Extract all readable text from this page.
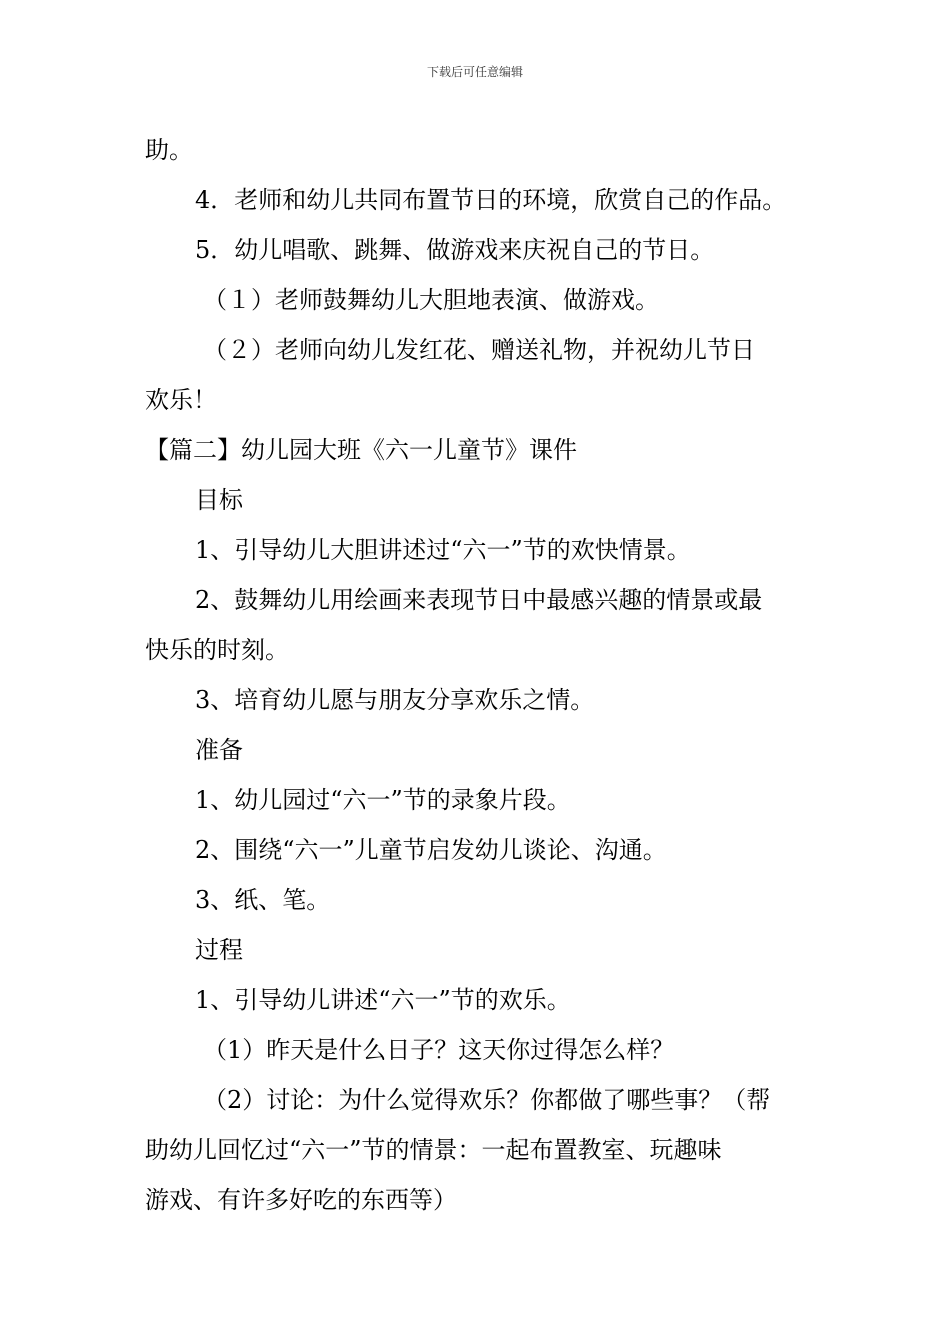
下载后可任意编辑
助。
4．老师和幼儿共同布置节日的环境，欣赏自己的作品。
5．幼儿唱歌、跳舞、做游戏来庆祝自己的节日。
（１）老师鼓舞幼儿大胆地表演、做游戏。
（２）老师向幼儿发红花、赠送礼物，并祝幼儿节日
欢乐！
【篇二】幼儿园大班《六一儿童节》课件
目标
1、引导幼儿大胆讲述过“六一”节的欢快情景。
2、鼓舞幼儿用绘画来表现节日中最感兴趣的情景或最
快乐的时刻。
3、培育幼儿愿与朋友分享欢乐之情。
准备
1、幼儿园过“六一”节的录象片段。
2、围绕“六一”儿童节启发幼儿谈论、沟通。
3、纸、笔。
过程
1、引导幼儿讲述“六一”节的欢乐。
（1）昨天是什么日子？这天你过得怎么样？
（2）讨论：为什么觉得欢乐？你都做了哪些事？（帮
助幼儿回忆过“六一”节的情景：一起布置教室、玩趣味
游戏、有许多好吃的东西等）
